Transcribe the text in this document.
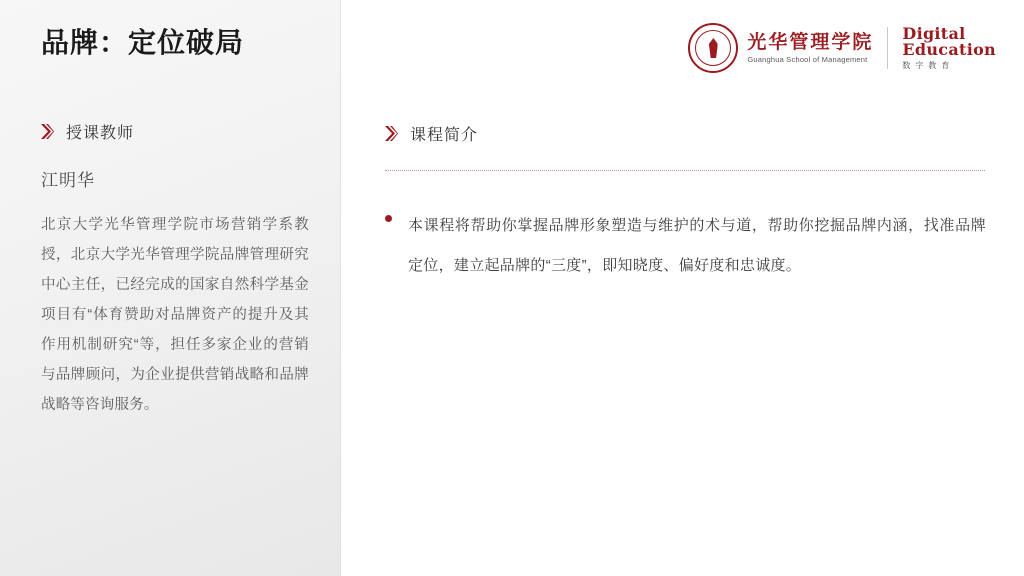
品牌：定位破局	光华管理学院
Guanghua School of Management
Digital
Education
数字教育
授课教师
江明华
北京大学光华管理学院市场营销学系教授，北京大学光华管理学院品牌管理研究中心主任，已经完成的国家自然科学基金项目有“体育赞助对品牌资产的提升及其作用机制研究“等，担任多家企业的营销与品牌顾问，为企业提供营销战略和品牌战略等咨询服务。
课程简介
本课程将帮助你掌握品牌形象塑造与维护的术与道，帮助你挖掘品牌内涵，找准品牌定位，建立起品牌的“三度”，即知晓度、偏好度和忠诚度。
